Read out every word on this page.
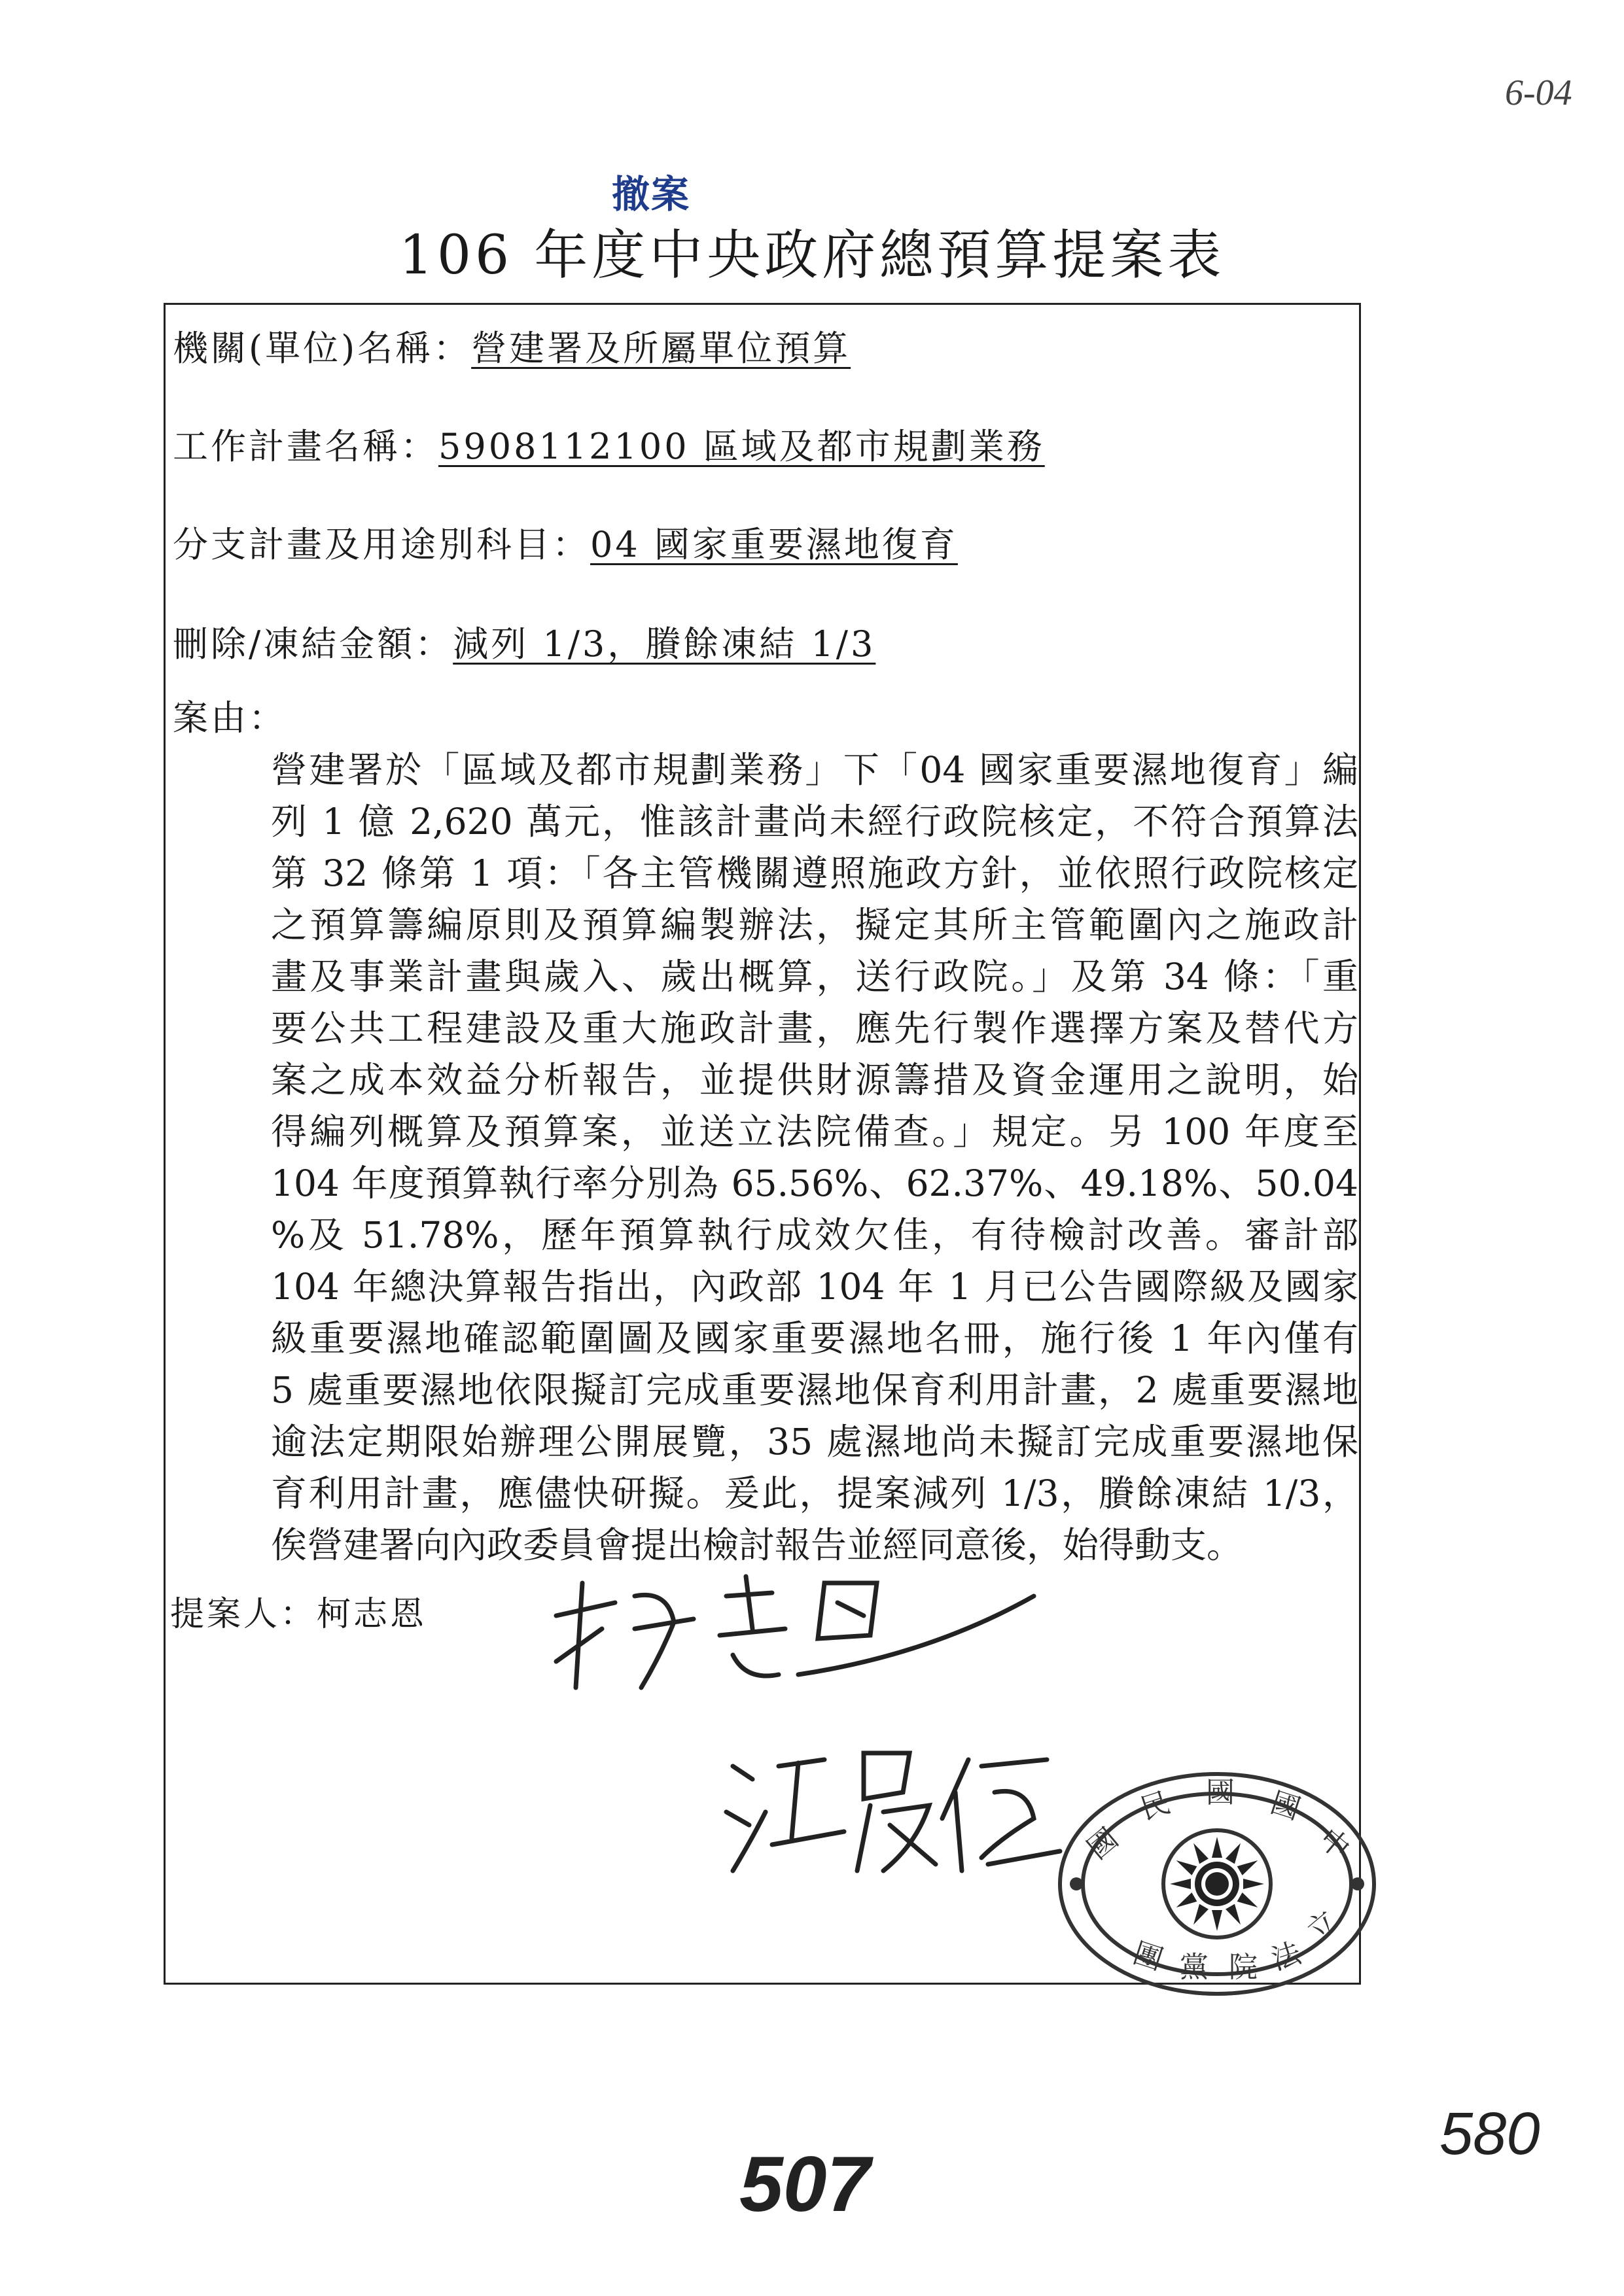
6-04
撤案
106 年度中央政府總預算提案表
機關(單位)名稱：營建署及所屬單位預算
工作計畫名稱：5908112100 區域及都市規劃業務
分支計畫及用途別科目：04 國家重要濕地復育
刪除/凍結金額：減列 1/3，賸餘凍結 1/3
案由：
營建署於「區域及都市規劃業務」下「04 國家重要濕地復育」編
列 1 億 2,620 萬元，惟該計畫尚未經行政院核定，不符合預算法
第 32 條第 1 項：「各主管機關遵照施政方針，並依照行政院核定
之預算籌編原則及預算編製辦法，擬定其所主管範圍內之施政計
畫及事業計畫與歲入、歲出概算，送行政院。」及第 34 條：「重
要公共工程建設及重大施政計畫，應先行製作選擇方案及替代方
案之成本效益分析報告，並提供財源籌措及資金運用之說明，始
得編列概算及預算案，並送立法院備查。」規定。另 100 年度至
104 年度預算執行率分別為 65.56%、62.37%、49.18%、50.04
%及 51.78%，歷年預算執行成效欠佳，有待檢討改善。審計部
104 年總決算報告指出，內政部 104 年 1 月已公告國際級及國家
級重要濕地確認範圍圖及國家重要濕地名冊，施行後 1 年內僅有
5 處重要濕地依限擬訂完成重要濕地保育利用計畫，2 處重要濕地
逾法定期限始辦理公開展覽，35 處濕地尚未擬訂完成重要濕地保
育利用計畫，應儘快研擬。爰此，提案減列 1/3，賸餘凍結 1/3，
俟營建署向內政委員會提出檢討報告並經同意後，始得動支。
提案人：柯志恩
國
民 國 國
中
立
法
院
黨
團
580
507
